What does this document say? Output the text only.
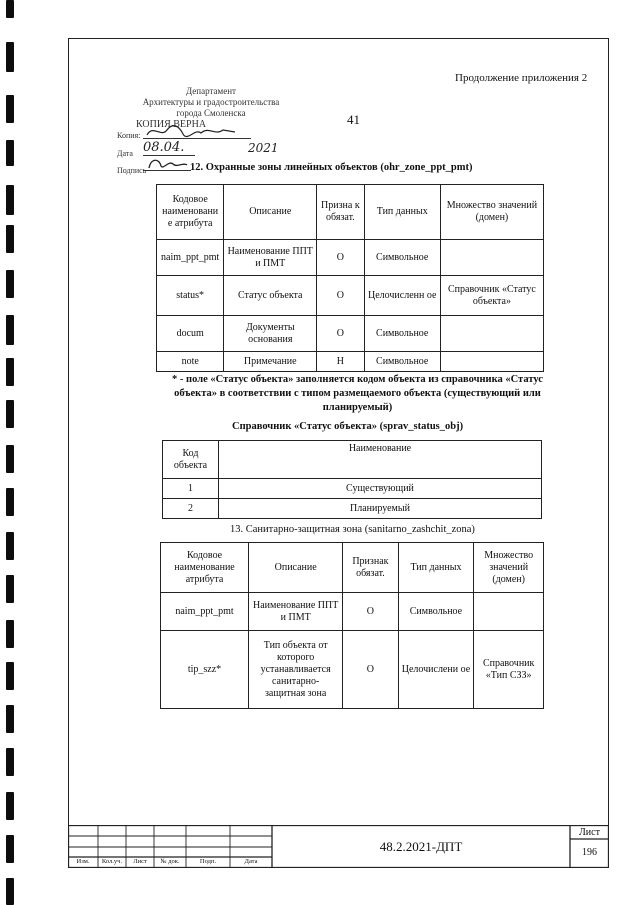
Продолжение приложения 2
41
Департамент
Архитектуры и градостроительства
города Смоленска
КОПИЯ ВЕРНА
Копия:
Дата 08.04.	2021
Подпись	12. Охранные зоны линейных объектов (ohr_zone_ppt_pmt)
Кодовое наименовани е атрибута	Описание	Призна к обязат.	Тип данных	Множество значений (домен)
naim_ppt_pmt	Наименование ППТ и ПМТ	О	Символьное	
status*	Статус объекта	О	Целочисленн ое	Справочник «Статус объекта»
docum	Документы основания	О	Символьное	
note	Примечание	Н	Символьное	
* - поле «Статус объекта» заполняется кодом объекта из справочника «Статус объекта» в соответствии с типом размещаемого объекта (существующий или планируемый)
Справочник «Статус объекта» (sprav_status_obj)
Код объекта	Наименование
1	Существующий
2	Планируемый
13. Санитарно-защитная зона (sanitarno_zashchit_zona)
Кодовое наименование атрибута	Описание	Признак обязат.	Тип данных	Множество значений (домен)
naim_ppt_pmt	Наименование ППТ и ПМТ	О	Символьное	
tip_szz*	Тип объекта от которого устанавливается санитарно-защитная зона	О	Целочислени ое	Справочник «Тип СЗЗ»
Изм.	Кол.уч.	Лист	№ док.	Подп.	Дата
48.2.2021-ДПТ
Лист
196
